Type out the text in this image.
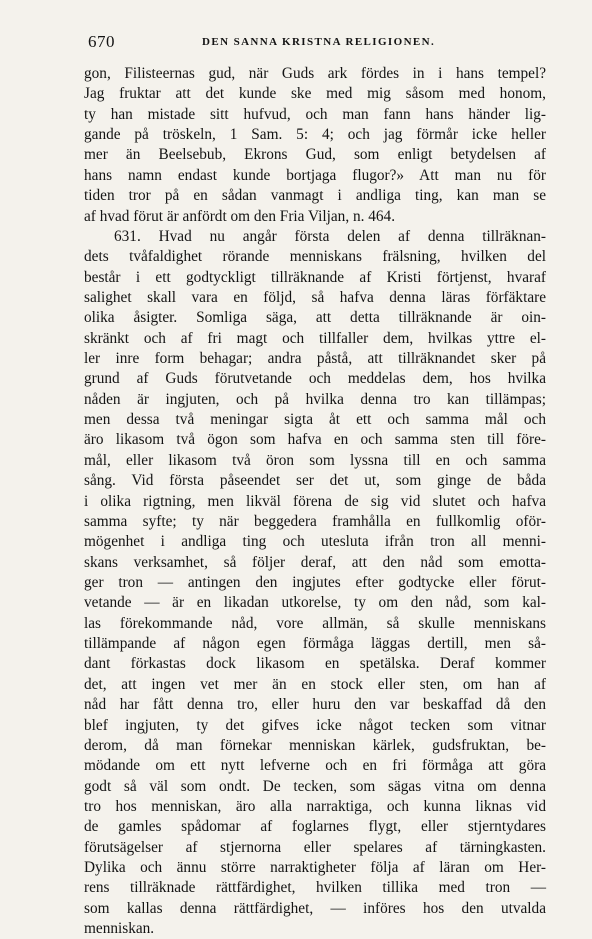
670	DEN SANNA KRISTNA RELIGIONEN.
gon, Filisteernas gud, när Guds ark fördes in i hans tempel?
Jag fruktar att det kunde ske med mig såsom med honom,
ty han mistade sitt hufvud, och man fann hans händer lig-
gande på tröskeln, 1 Sam. 5: 4; och jag förmår icke heller
mer än Beelsebub, Ekrons Gud, som enligt betydelsen af
hans namn endast kunde bortjaga flugor?» Att man nu för
tiden tror på en sådan vanmagt i andliga ting, kan man se
af hvad förut är anfördt om den Fria Viljan, n. 464.
631. Hvad nu angår första delen af denna tillräknan-
dets tvåfaldighet rörande menniskans frälsning, hvilken del
består i ett godtyckligt tillräknande af Kristi förtjenst, hvaraf
salighet skall vara en följd, så hafva denna läras förfäktare
olika åsigter. Somliga säga, att detta tillräknande är oin-
skränkt och af fri magt och tillfaller dem, hvilkas yttre el-
ler inre form behagar; andra påstå, att tillräknandet sker på
grund af Guds förutvetande och meddelas dem, hos hvilka
nåden är ingjuten, och på hvilka denna tro kan tillämpas;
men dessa två meningar sigta åt ett och samma mål och
äro likasom två ögon som hafva en och samma sten till före-
mål, eller likasom två öron som lyssna till en och samma
sång. Vid första påseendet ser det ut, som ginge de båda
i olika rigtning, men likväl förena de sig vid slutet och hafva
samma syfte; ty när beggedera framhålla en fullkomlig oför-
mögenhet i andliga ting och utesluta ifrån tron all menni-
skans verksamhet, så följer deraf, att den nåd som emotta-
ger tron — antingen den ingjutes efter godtycke eller förut-
vetande — är en likadan utkorelse, ty om den nåd, som kal-
las förekommande nåd, vore allmän, så skulle menniskans
tillämpande af någon egen förmåga läggas dertill, men så-
dant förkastas dock likasom en spetälska. Deraf kommer
det, att ingen vet mer än en stock eller sten, om han af
nåd har fått denna tro, eller huru den var beskaffad då den
blef ingjuten, ty det gifves icke något tecken som vitnar
derom, då man förnekar menniskan kärlek, gudsfruktan, be-
mödande om ett nytt lefverne och en fri förmåga att göra
godt så väl som ondt. De tecken, som sägas vitna om denna
tro hos menniskan, äro alla narraktiga, och kunna liknas vid
de gamles spådomar af foglarnes flygt, eller stjerntydares
förutsägelser af stjernorna eller spelares af tärningkasten.
Dylika och ännu större narraktigheter följa af läran om Her-
rens tillräknade rättfärdighet, hvilken tillika med tron —
som kallas denna rättfärdighet, — införes hos den utvalda
menniskan.
